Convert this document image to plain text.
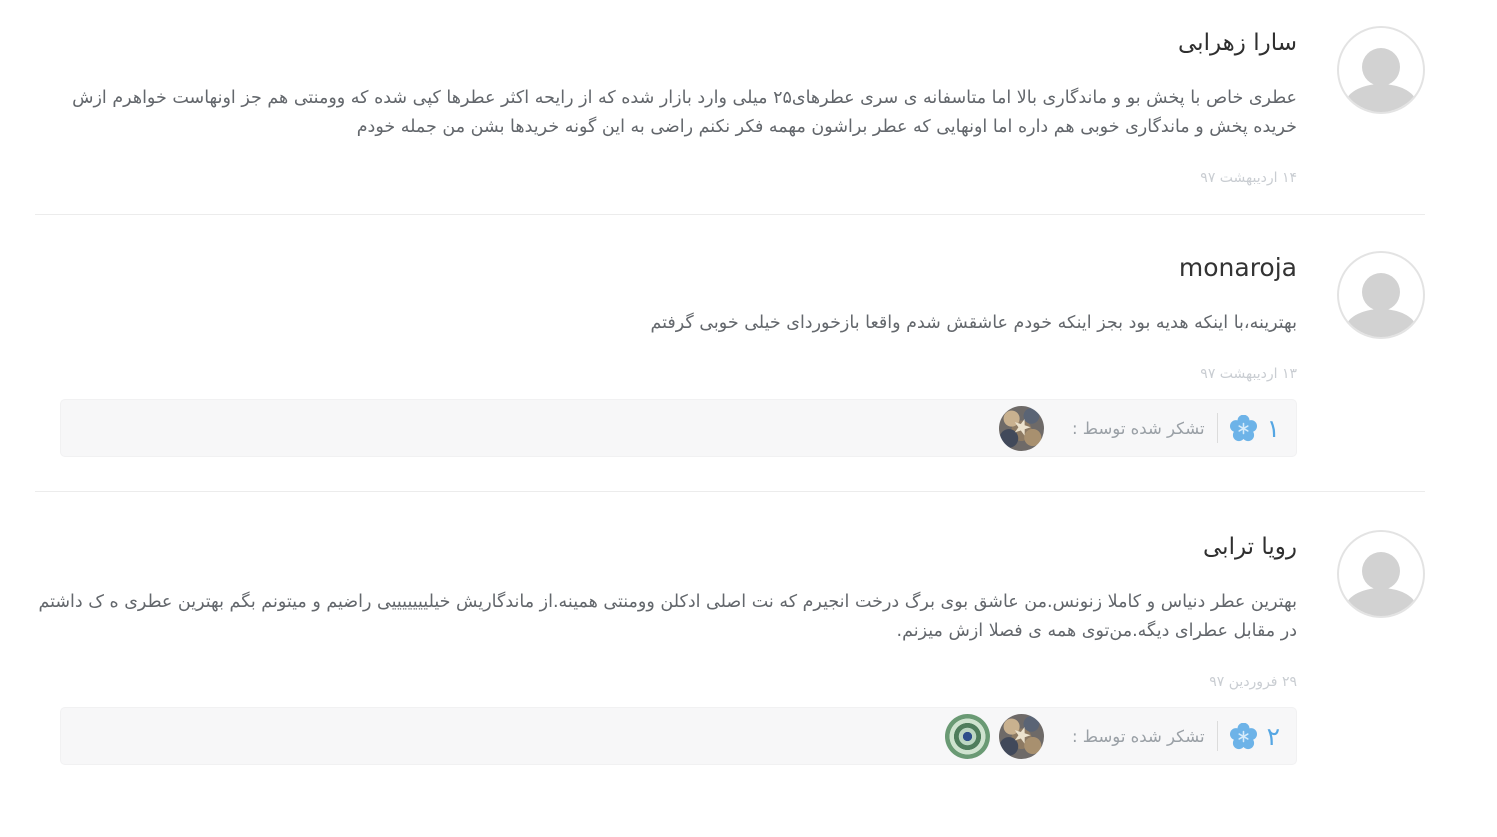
سارا زهرابی
عطری خاص با پخش بو و ماندگاری بالا اما متاسفانه ی سری عطرهای۲۵ میلی وارد بازار شده که از رایحه اکثر عطرها کپی شده که وومنتی هم جز اونهاست خواهرم ازش خریده پخش و ماندگاری خوبی هم داره اما اونهایی که عطر براشون مهمه فکر نکنم راضی به این گونه خریدها بشن من جمله خودم
۱۴ اردیبهشت ۹۷
monaroja
بهترینه،با اینکه هدیه بود بجز اینکه خودم عاشقش شدم واقعا بازخوردای خیلی خوبی گرفتم
۱۳ اردیبهشت ۹۷
۱
تشکر شده توسط :
رویا ترابی
بهترین عطر دنیاس و کاملا زنونس.من عاشق بوی برگ درخت انجیرم که نت اصلی ادکلن وومنتی همینه.از ماندگاریش خیلیییییییی راضیم و میتونم بگم بهترین عطری ه ک داشتم در مقابل عطرای دیگه.من‌توی همه ی فصلا ازش میزنم.
۲۹ فروردین ۹۷
۲
تشکر شده توسط :
